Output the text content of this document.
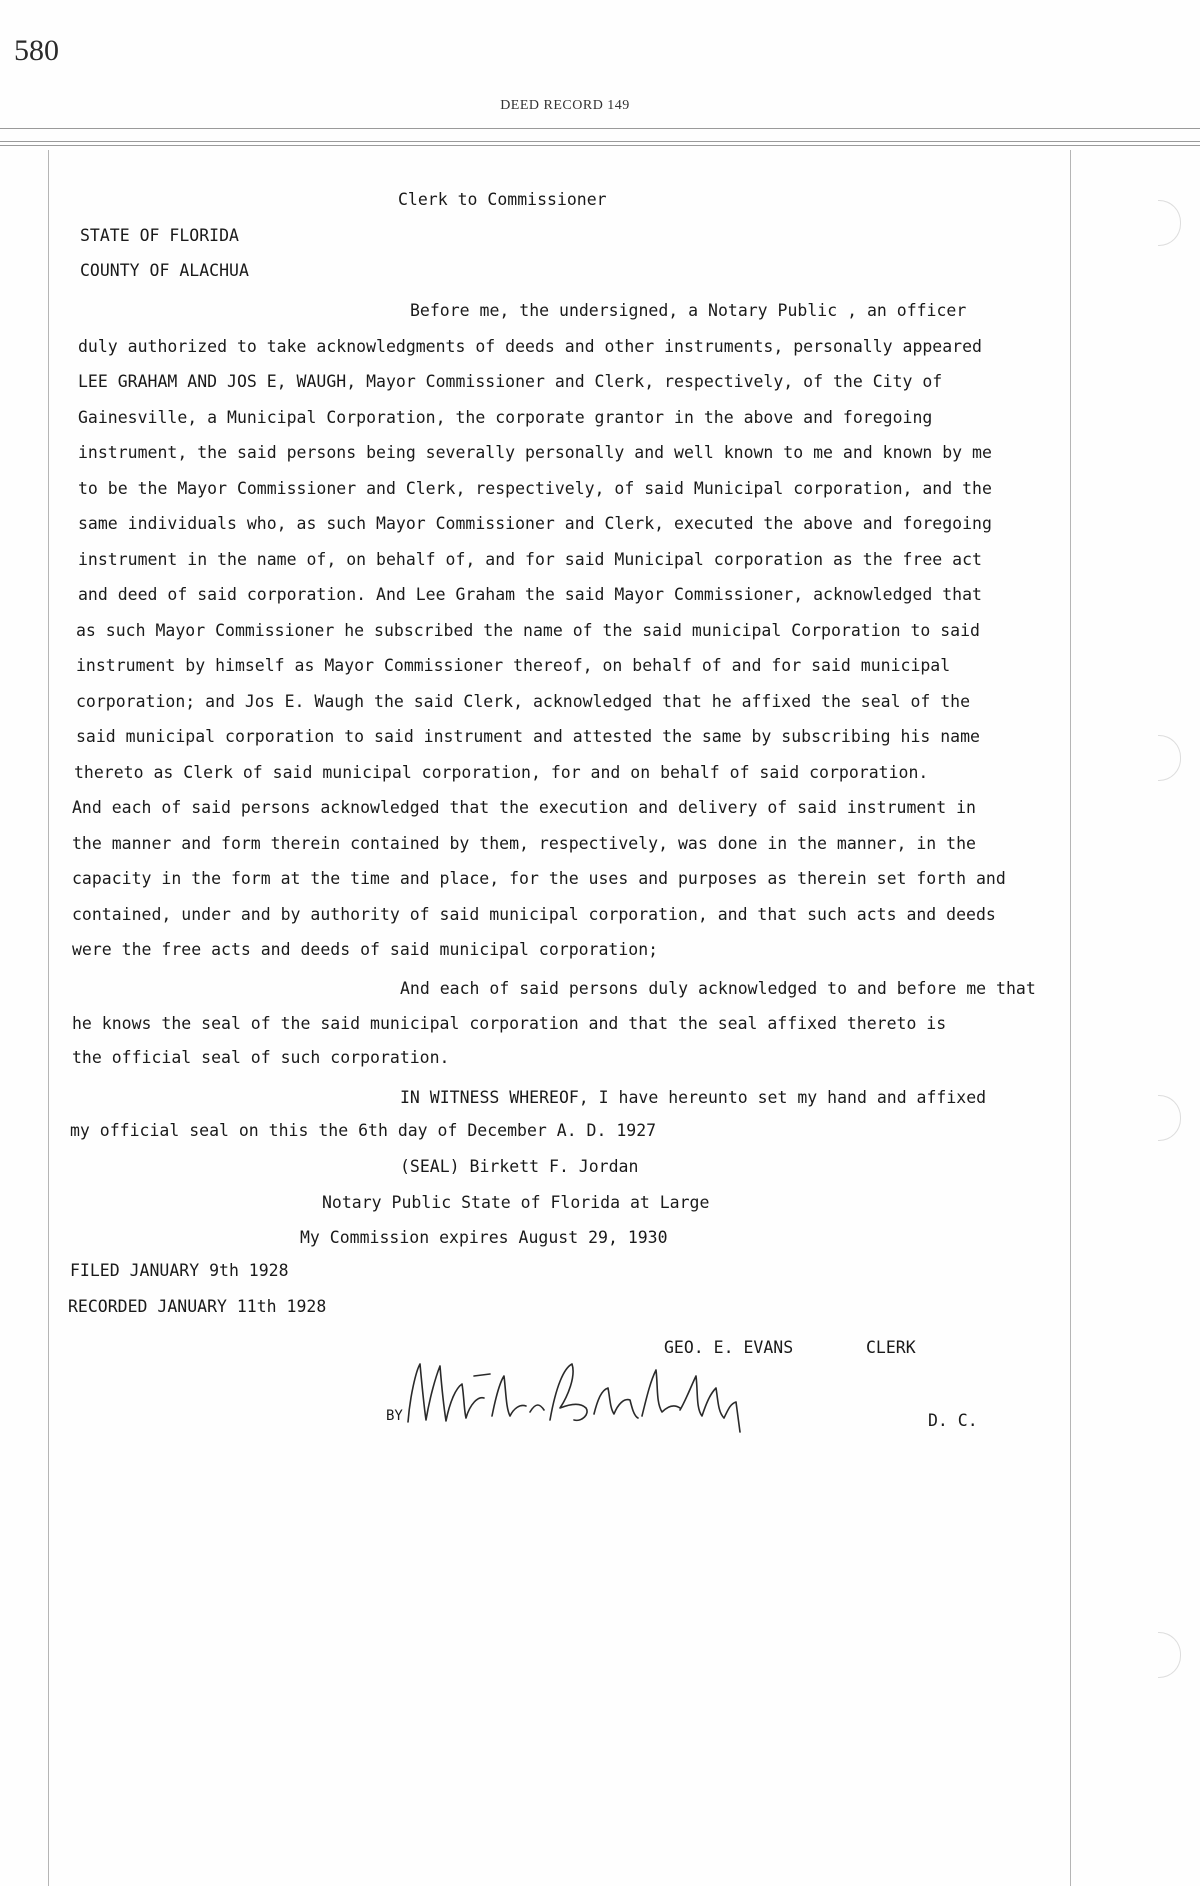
580
DEED RECORD 149
Clerk to Commissioner
STATE OF FLORIDA
COUNTY OF ALACHUA
Before me, the undersigned, a Notary Public , an officer
duly authorized to take acknowledgments of deeds and other instruments, personally appeared
LEE GRAHAM AND JOS E, WAUGH, Mayor Commissioner and Clerk, respectively, of the City of
Gainesville, a Municipal Corporation, the corporate grantor in the above and foregoing
instrument, the said persons being severally personally and well known to me and known by me
to be the Mayor Commissioner and Clerk, respectively, of said Municipal corporation, and the
same individuals who, as such Mayor Commissioner and Clerk, executed the above and foregoing
instrument in the name of, on behalf of, and for said Municipal corporation as the free act
and deed of said corporation. And Lee Graham the said Mayor Commissioner, acknowledged that
as such Mayor Commissioner he subscribed the name of the said municipal Corporation to said
instrument by himself as Mayor Commissioner thereof, on behalf of and for said municipal
corporation; and Jos E. Waugh the said Clerk, acknowledged that he affixed the seal of the
said municipal corporation to said instrument and attested the same by subscribing his name
thereto as Clerk of said municipal corporation, for and on behalf of said corporation.
And each of said persons acknowledged that the execution and delivery of said instrument in
the manner and form therein contained by them, respectively, was done in the manner, in the
capacity in the form at the time and place, for the uses and purposes as therein set forth and
contained, under and by authority of said municipal corporation, and that such acts and deeds
were the free acts and deeds of said municipal corporation;
And each of said persons duly acknowledged to and before me that
he knows the seal of the said municipal corporation and that the seal affixed thereto is
the official seal of such corporation.
IN WITNESS WHEREOF, I have hereunto set my hand and affixed
my official seal on this the 6th day of December A. D. 1927
(SEAL) Birkett F. Jordan
Notary Public State of Florida at Large
My Commission expires August 29, 1930
FILED JANUARY 9th 1928
RECORDED JANUARY 11th 1928
GEO. E. EVANS	CLERK
BY	D. C.
